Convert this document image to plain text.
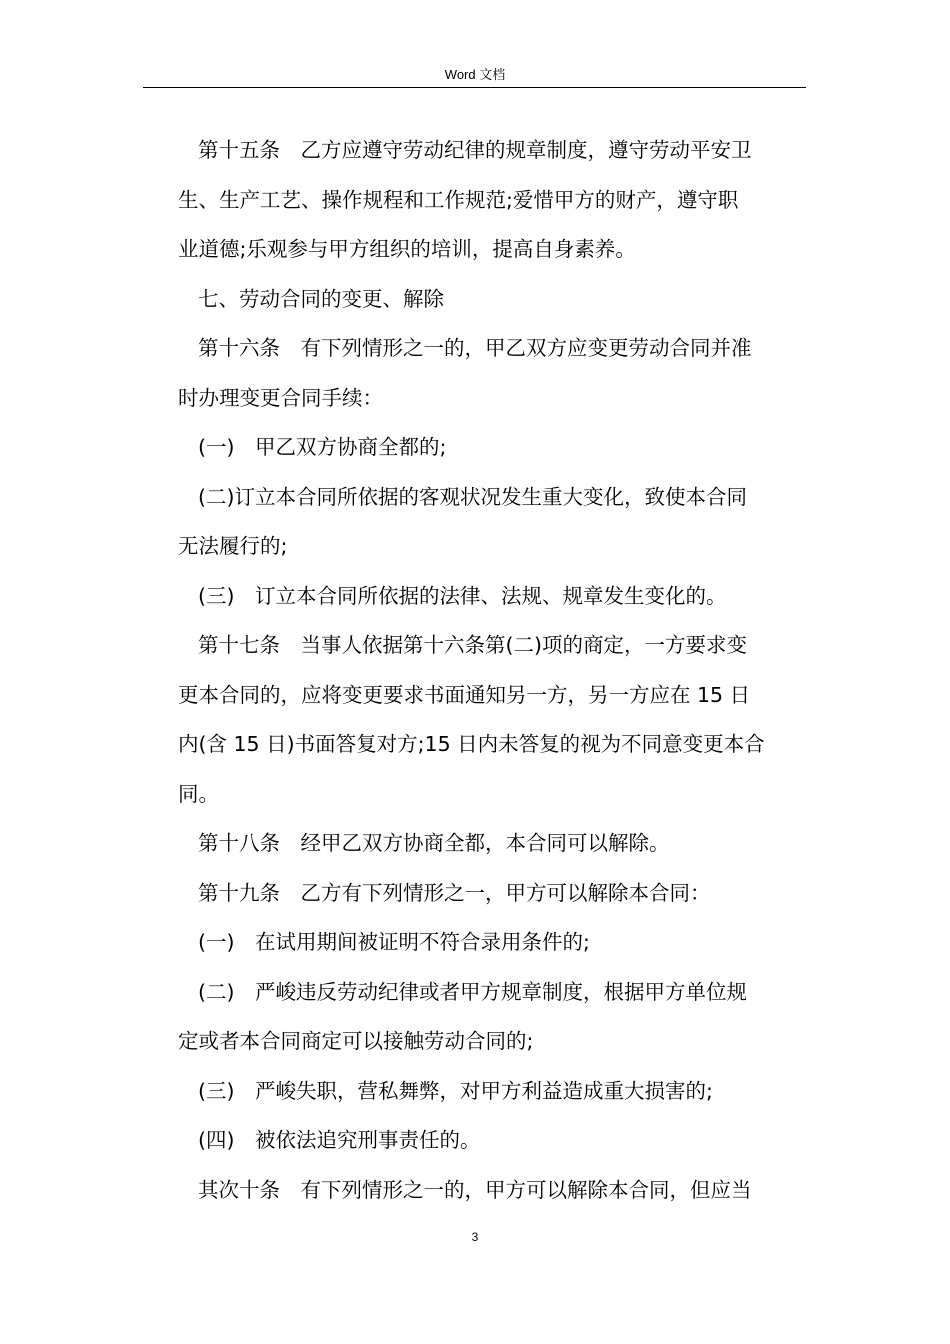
Word 文档
第十五条　乙方应遵守劳动纪律的规章制度，遵守劳动平安卫
生、生产工艺、操作规程和工作规范;爱惜甲方的财产，遵守职
业道德;乐观参与甲方组织的培训，提高自身素养。
七、劳动合同的变更、解除
第十六条　有下列情形之一的，甲乙双方应变更劳动合同并准
时办理变更合同手续：
(一)　甲乙双方协商全都的;
(二)订立本合同所依据的客观状况发生重大变化，致使本合同
无法履行的;
(三)　订立本合同所依据的法律、法规、规章发生变化的。
第十七条　当事人依据第十六条第(二)项的商定，一方要求变
更本合同的，应将变更要求书面通知另一方，另一方应在 15 日
内(含 15 日)书面答复对方;15 日内未答复的视为不同意变更本合
同。
第十八条　经甲乙双方协商全都，本合同可以解除。
第十九条　乙方有下列情形之一，甲方可以解除本合同：
(一)　在试用期间被证明不符合录用条件的;
(二)　严峻违反劳动纪律或者甲方规章制度，根据甲方单位规
定或者本合同商定可以接触劳动合同的;
(三)　严峻失职，营私舞弊，对甲方利益造成重大损害的;
(四)　被依法追究刑事责任的。
其次十条　有下列情形之一的，甲方可以解除本合同，但应当
3
